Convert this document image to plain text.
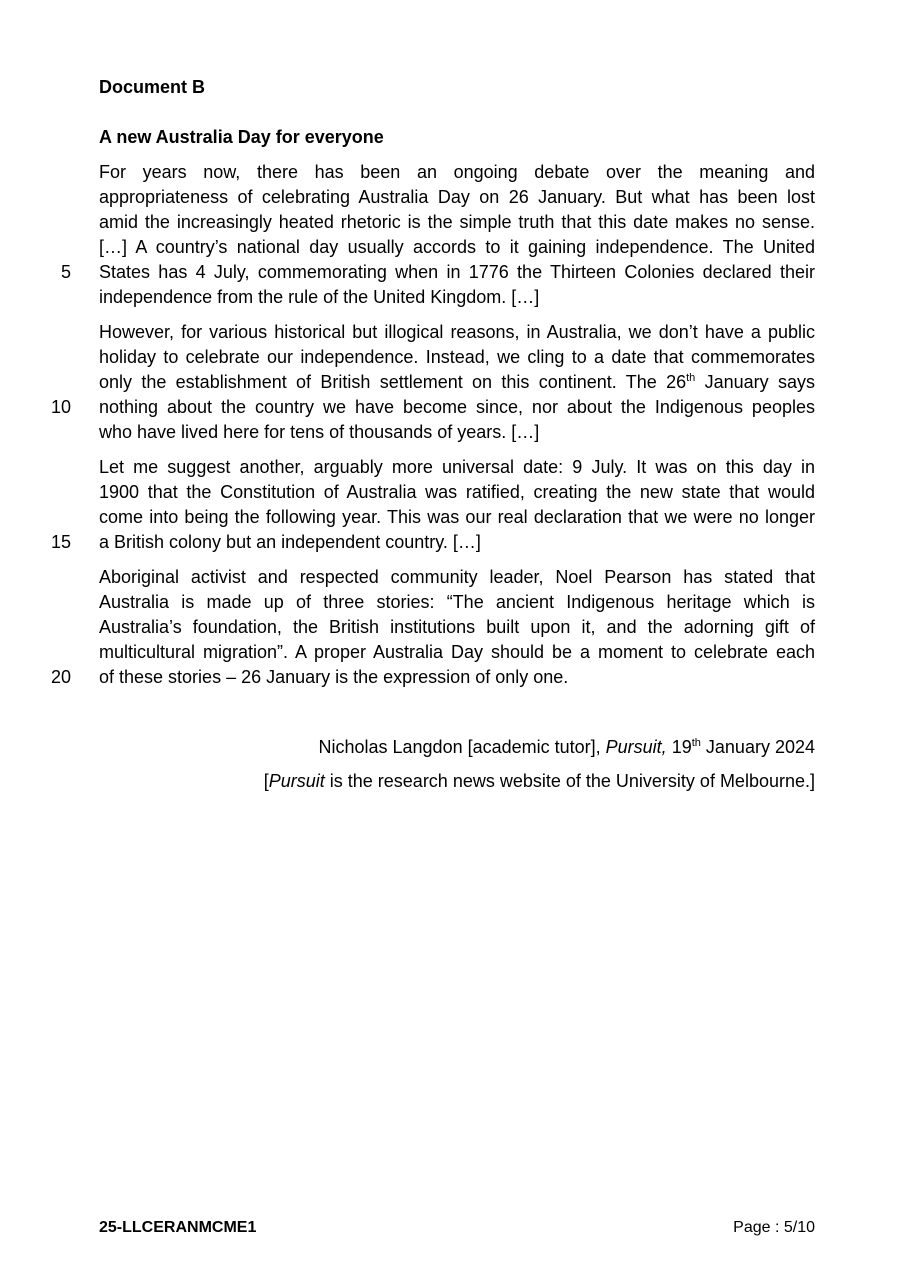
Document B
A new Australia Day for everyone
For years now, there has been an ongoing debate over the meaning and
appropriateness of celebrating Australia Day on 26 January. But what has been lost
amid the increasingly heated rhetoric is the simple truth that this date makes no sense.
[…] A country’s national day usually accords to it gaining independence. The United
States has 4 July, commemorating when in 1776 the Thirteen Colonies declared their
independence from the rule of the United Kingdom. […]
5
However, for various historical but illogical reasons, in Australia, we don’t have a public
holiday to celebrate our independence. Instead, we cling to a date that commemorates
only the establishment of British settlement on this continent. The 26th January says
nothing about the country we have become since, nor about the Indigenous peoples
who have lived here for tens of thousands of years. […]
10
Let me suggest another, arguably more universal date: 9 July. It was on this day in
1900 that the Constitution of Australia was ratified, creating the new state that would
come into being the following year. This was our real declaration that we were no longer
a British colony but an independent country. […]
15
Aboriginal activist and respected community leader, Noel Pearson has stated that
Australia is made up of three stories: “The ancient Indigenous heritage which is
Australia’s foundation, the British institutions built upon it, and the adorning gift of
multicultural migration”. A proper Australia Day should be a moment to celebrate each
of these stories – 26 January is the expression of only one.
20
Nicholas Langdon [academic tutor], Pursuit, 19th January 2024
[Pursuit is the research news website of the University of Melbourne.]
25-LLCERANMCME1	Page : 5/10
